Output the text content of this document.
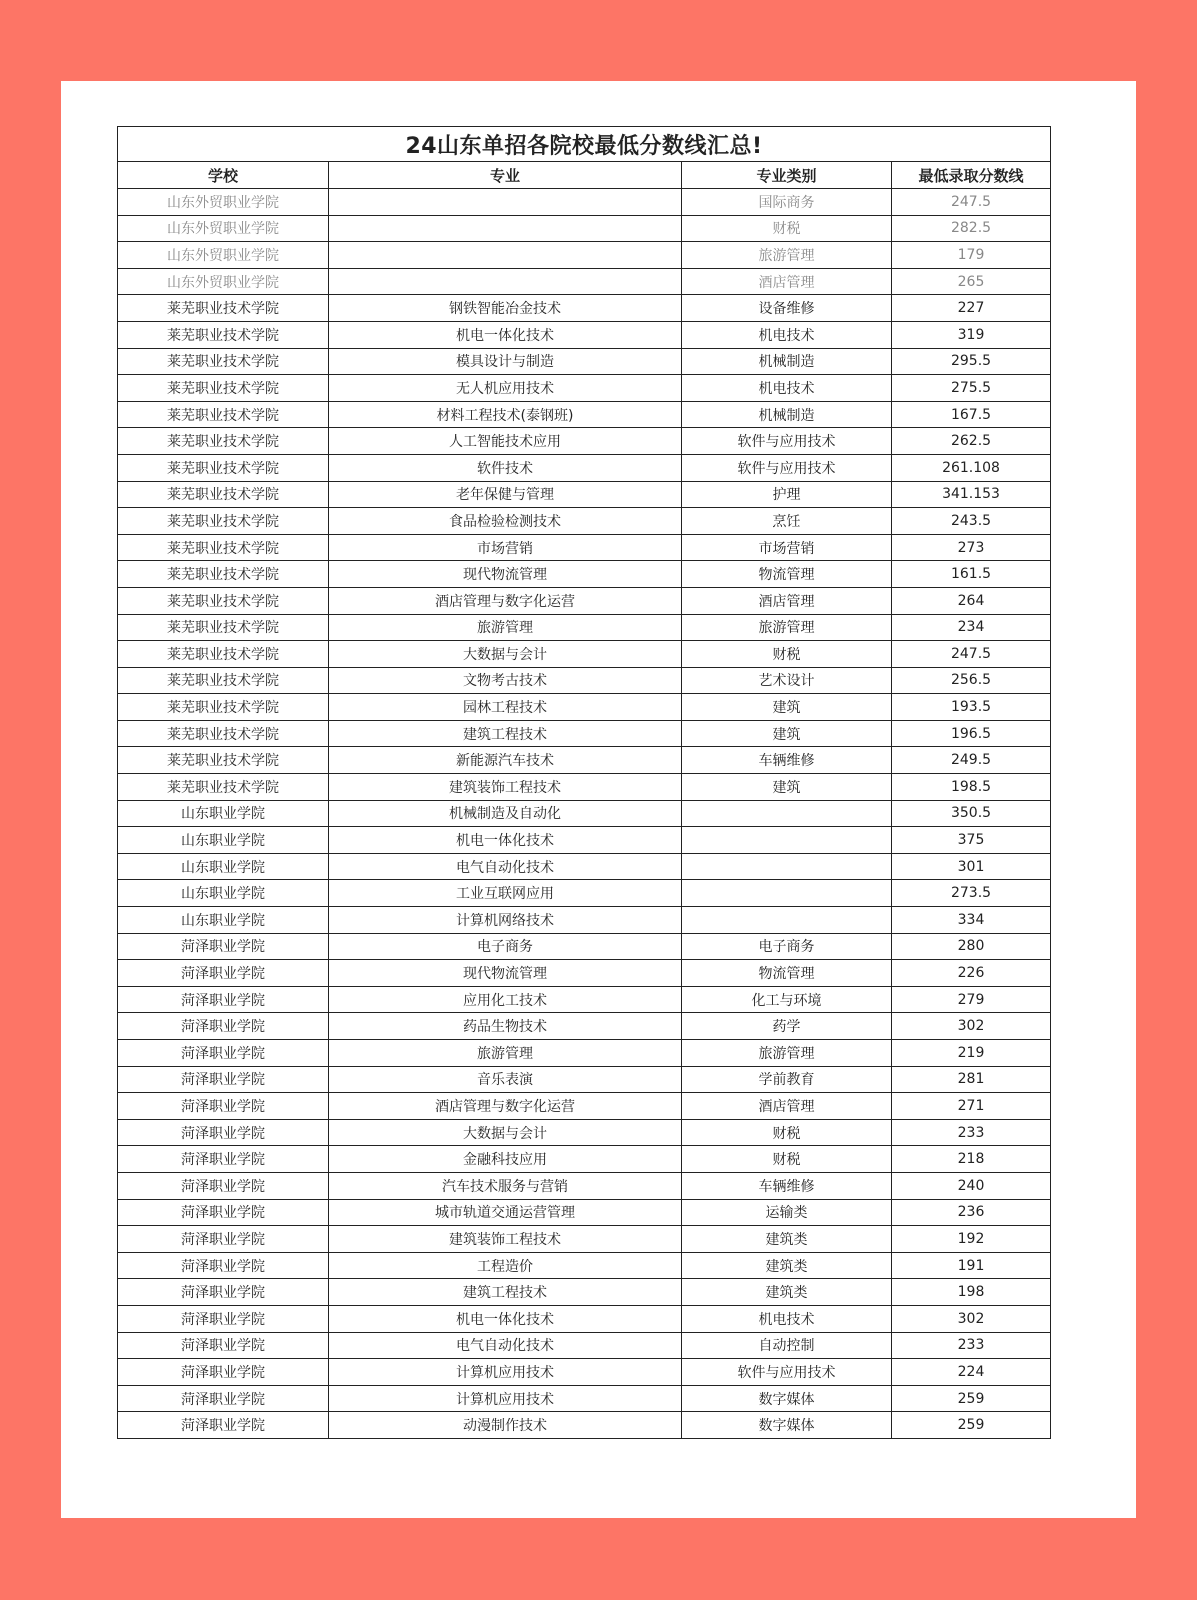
24山东单招各院校最低分数线汇总!			
学校	专业	专业类别	最低录取分数线
山东外贸职业学院		国际商务	247.5
山东外贸职业学院		财税	282.5
山东外贸职业学院		旅游管理	179
山东外贸职业学院		酒店管理	265
莱芜职业技术学院	钢铁智能冶金技术	设备维修	227
莱芜职业技术学院	机电一体化技术	机电技术	319
莱芜职业技术学院	模具设计与制造	机械制造	295.5
莱芜职业技术学院	无人机应用技术	机电技术	275.5
莱芜职业技术学院	材料工程技术(泰钢班)	机械制造	167.5
莱芜职业技术学院	人工智能技术应用	软件与应用技术	262.5
莱芜职业技术学院	软件技术	软件与应用技术	261.108
莱芜职业技术学院	老年保健与管理	护理	341.153
莱芜职业技术学院	食品检验检测技术	烹饪	243.5
莱芜职业技术学院	市场营销	市场营销	273
莱芜职业技术学院	现代物流管理	物流管理	161.5
莱芜职业技术学院	酒店管理与数字化运营	酒店管理	264
莱芜职业技术学院	旅游管理	旅游管理	234
莱芜职业技术学院	大数据与会计	财税	247.5
莱芜职业技术学院	文物考古技术	艺术设计	256.5
莱芜职业技术学院	园林工程技术	建筑	193.5
莱芜职业技术学院	建筑工程技术	建筑	196.5
莱芜职业技术学院	新能源汽车技术	车辆维修	249.5
莱芜职业技术学院	建筑装饰工程技术	建筑	198.5
山东职业学院	机械制造及自动化		350.5
山东职业学院	机电一体化技术		375
山东职业学院	电气自动化技术		301
山东职业学院	工业互联网应用		273.5
山东职业学院	计算机网络技术		334
菏泽职业学院	电子商务	电子商务	280
菏泽职业学院	现代物流管理	物流管理	226
菏泽职业学院	应用化工技术	化工与环境	279
菏泽职业学院	药品生物技术	药学	302
菏泽职业学院	旅游管理	旅游管理	219
菏泽职业学院	音乐表演	学前教育	281
菏泽职业学院	酒店管理与数字化运营	酒店管理	271
菏泽职业学院	大数据与会计	财税	233
菏泽职业学院	金融科技应用	财税	218
菏泽职业学院	汽车技术服务与营销	车辆维修	240
菏泽职业学院	城市轨道交通运营管理	运输类	236
菏泽职业学院	建筑装饰工程技术	建筑类	192
菏泽职业学院	工程造价	建筑类	191
菏泽职业学院	建筑工程技术	建筑类	198
菏泽职业学院	机电一体化技术	机电技术	302
菏泽职业学院	电气自动化技术	自动控制	233
菏泽职业学院	计算机应用技术	软件与应用技术	224
菏泽职业学院	计算机应用技术	数字媒体	259
菏泽职业学院	动漫制作技术	数字媒体	259
